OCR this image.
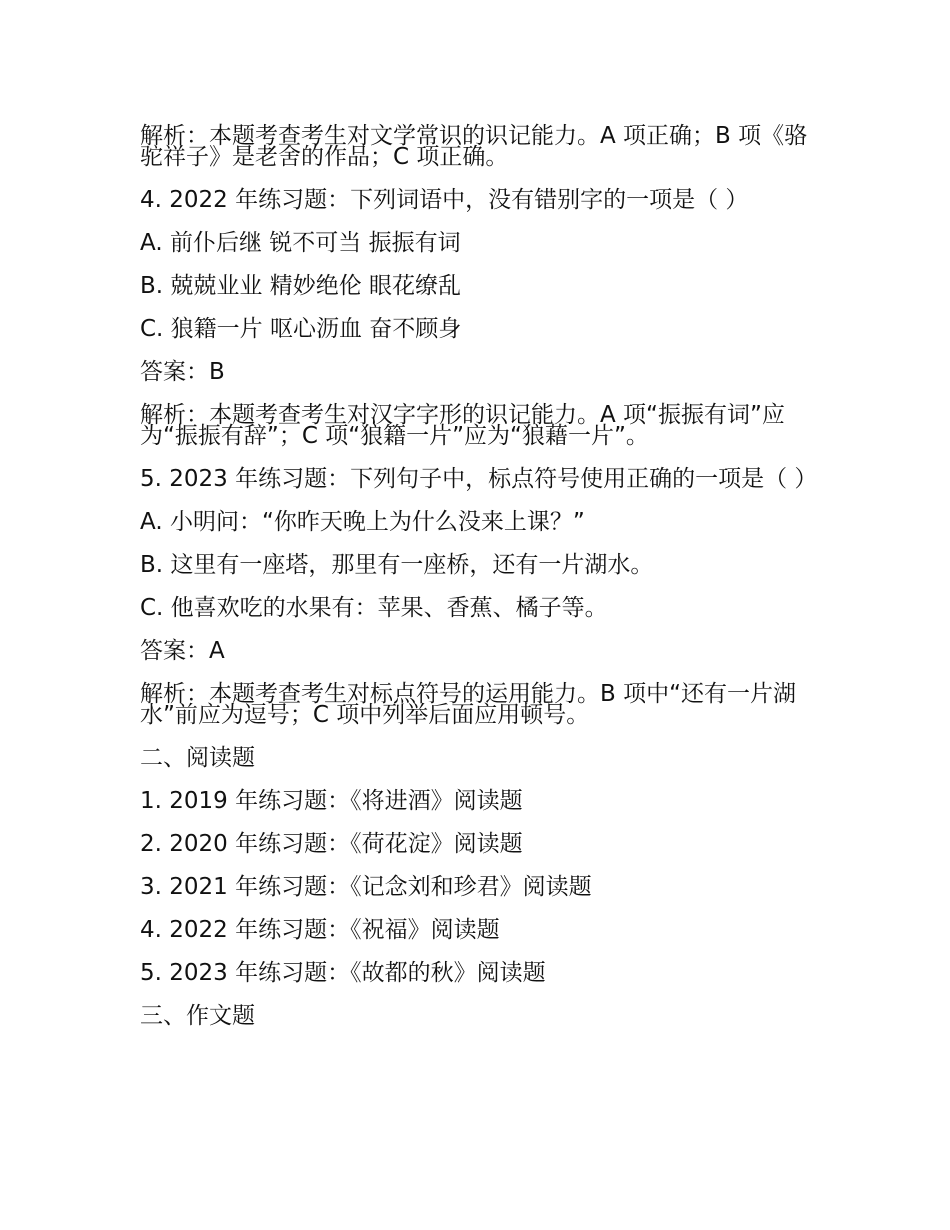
解析：本题考查考生对文学常识的识记能力。A 项正确；B 项《骆驼祥子》是老舍的作品；C 项正确。

4. 2022 年练习题：下列词语中，没有错别字的一项是（ ）

A. 前仆后继 锐不可当 振振有词

B. 兢兢业业 精妙绝伦 眼花缭乱

C. 狼籍一片 呕心沥血 奋不顾身

答案：B

解析：本题考查考生对汉字字形的识记能力。A 项“振振有词”应为“振振有辞”；C 项“狼籍一片”应为“狼藉一片”。

5. 2023 年练习题：下列句子中，标点符号使用正确的一项是（ ）

A. 小明问：“你昨天晚上为什么没来上课？”

B. 这里有一座塔，那里有一座桥，还有一片湖水。

C. 他喜欢吃的水果有：苹果、香蕉、橘子等。

答案：A

解析：本题考查考生对标点符号的运用能力。B 项中“还有一片湖水”前应为逗号；C 项中列举后面应用顿号。

二、阅读题

1. 2019 年练习题：《将进酒》阅读题

2. 2020 年练习题：《荷花淀》阅读题

3. 2021 年练习题：《记念刘和珍君》阅读题

4. 2022 年练习题：《祝福》阅读题

5. 2023 年练习题：《故都的秋》阅读题

三、作文题
